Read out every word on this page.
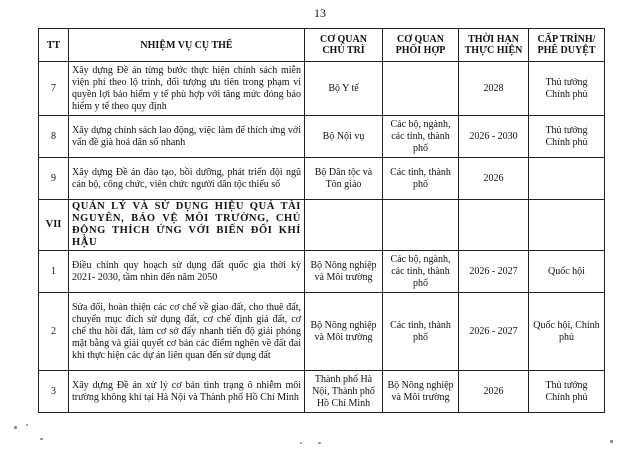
13
TT	NHIỆM VỤ CỤ THỂ	CƠ QUAN CHỦ TRÌ	CƠ QUAN PHỐI HỢP	THỜI HẠN THỰC HIỆN	CẤP TRÌNH/ PHÊ DUYỆT
7	Xây dựng Đề án từng bước thực hiện chính sách miễn viện phí theo lộ trình, đối tượng ưu tiên trong phạm vi quyền lợi bảo hiểm y tế phù hợp với tăng mức đóng bảo hiểm y tế theo quy định	Bộ Y tế		2028	Thủ tướng Chính phủ
8	Xây dựng chính sách lao động, việc làm để thích ứng với vấn đề già hoá dân số nhanh	Bộ Nội vụ	Các bộ, ngành, các tỉnh, thành phố	2026 - 2030	Thủ tướng Chính phủ
9	Xây dựng Đề án đào tạo, bồi dưỡng, phát triển đội ngũ cán bộ, công chức, viên chức người dân tộc thiểu số	Bộ Dân tộc và Tôn giáo	Các tỉnh, thành phố	2026	
VII	QUẢN LÝ VÀ SỬ DỤNG HIỆU QUẢ TÀI NGUYÊN, BẢO VỆ MÔI TRƯỜNG, CHỦ ĐỘNG THÍCH ỨNG VỚI BIẾN ĐỔI KHÍ HẬU				
1	Điều chỉnh quy hoạch sử dụng đất quốc gia thời kỳ 2021- 2030, tầm nhìn đến năm 2050	Bộ Nông nghiệp và Môi trường	Các bộ, ngành, các tỉnh, thành phố	2026 - 2027	Quốc hội
2	Sửa đổi, hoàn thiện các cơ chế về giao đất, cho thuê đất, chuyển mục đích sử dụng đất, cơ chế định giá đất, cơ chế thu hồi đất, làm cơ sở đẩy nhanh tiến độ giải phóng mặt bằng và giải quyết cơ bản các điểm nghẽn về đất đai khi thực hiện các dự án liên quan đến sử dụng đất	Bộ Nông nghiệp và Môi trường	Các tỉnh, thành phố	2026 - 2027	Quốc hội, Chính phủ
3	Xây dựng Đề án xử lý cơ bản tình trạng ô nhiễm môi trường không khí tại Hà Nội và Thành phố Hồ Chí Minh	Thành phố Hà Nội, Thành phố Hồ Chí Minh	Bộ Nông nghiệp và Môi trường	2026	Thủ tướng Chính phủ
